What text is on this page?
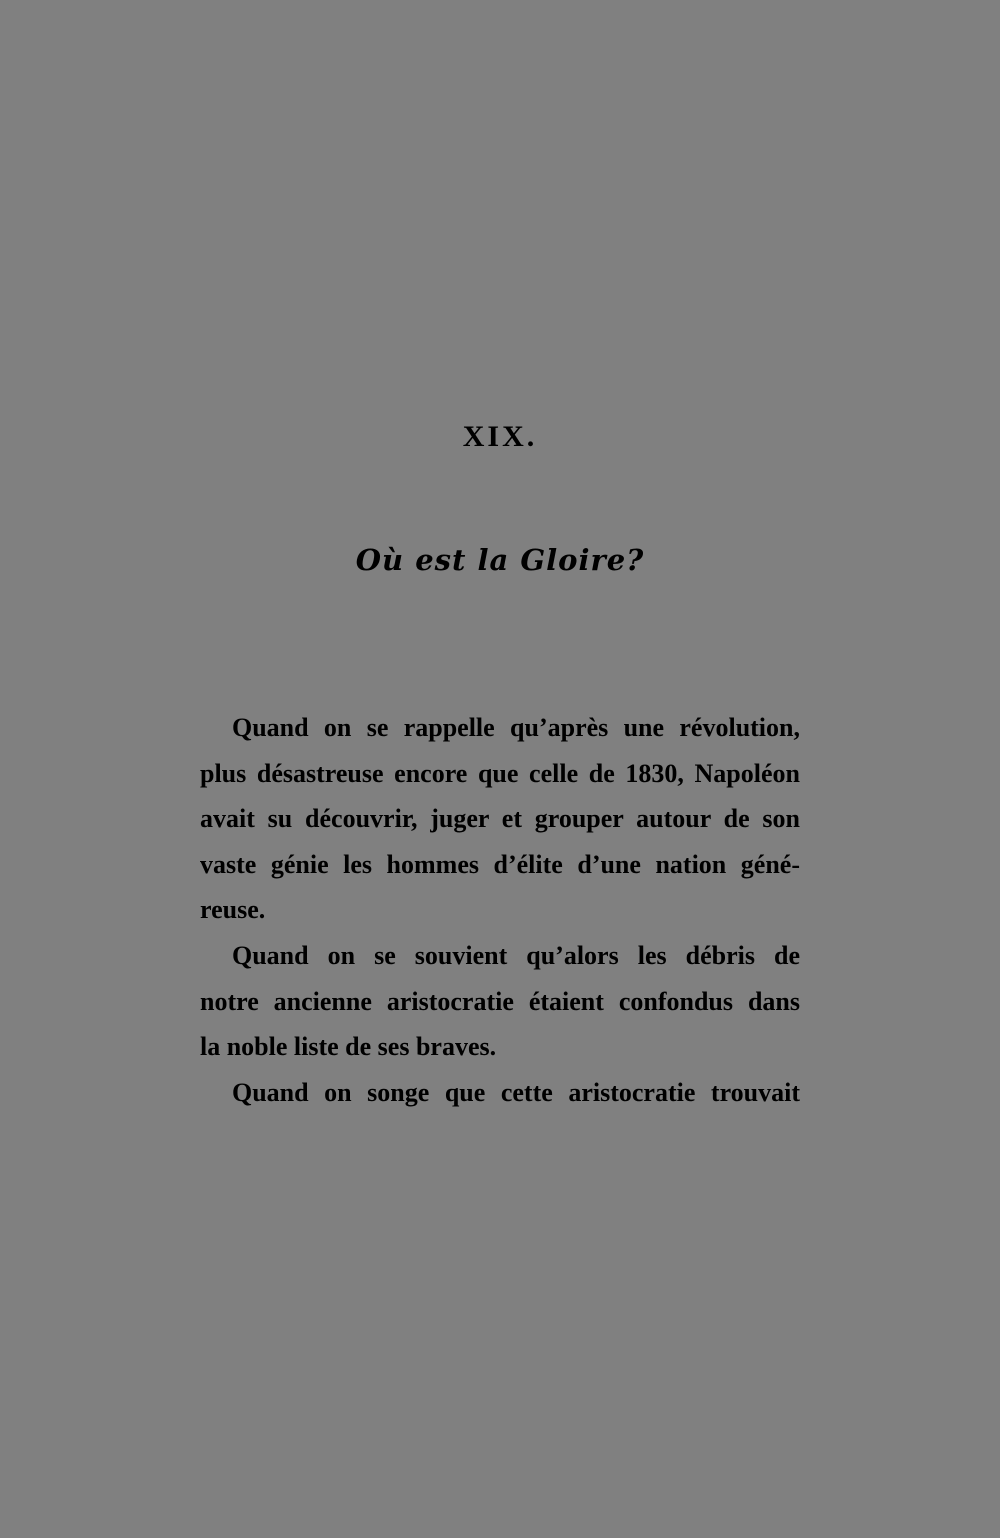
XIX.
Où est la Gloire?
Quand on se rappelle qu’après une révolution,
plus désastreuse encore que celle de 1830, Napoléon
avait su découvrir, juger et grouper autour de son
vaste génie les hommes d’élite d’une nation géné-
reuse.
Quand on se souvient qu’alors les débris de
notre ancienne aristocratie étaient confondus dans
la noble liste de ses braves.
Quand on songe que cette aristocratie trouvait
